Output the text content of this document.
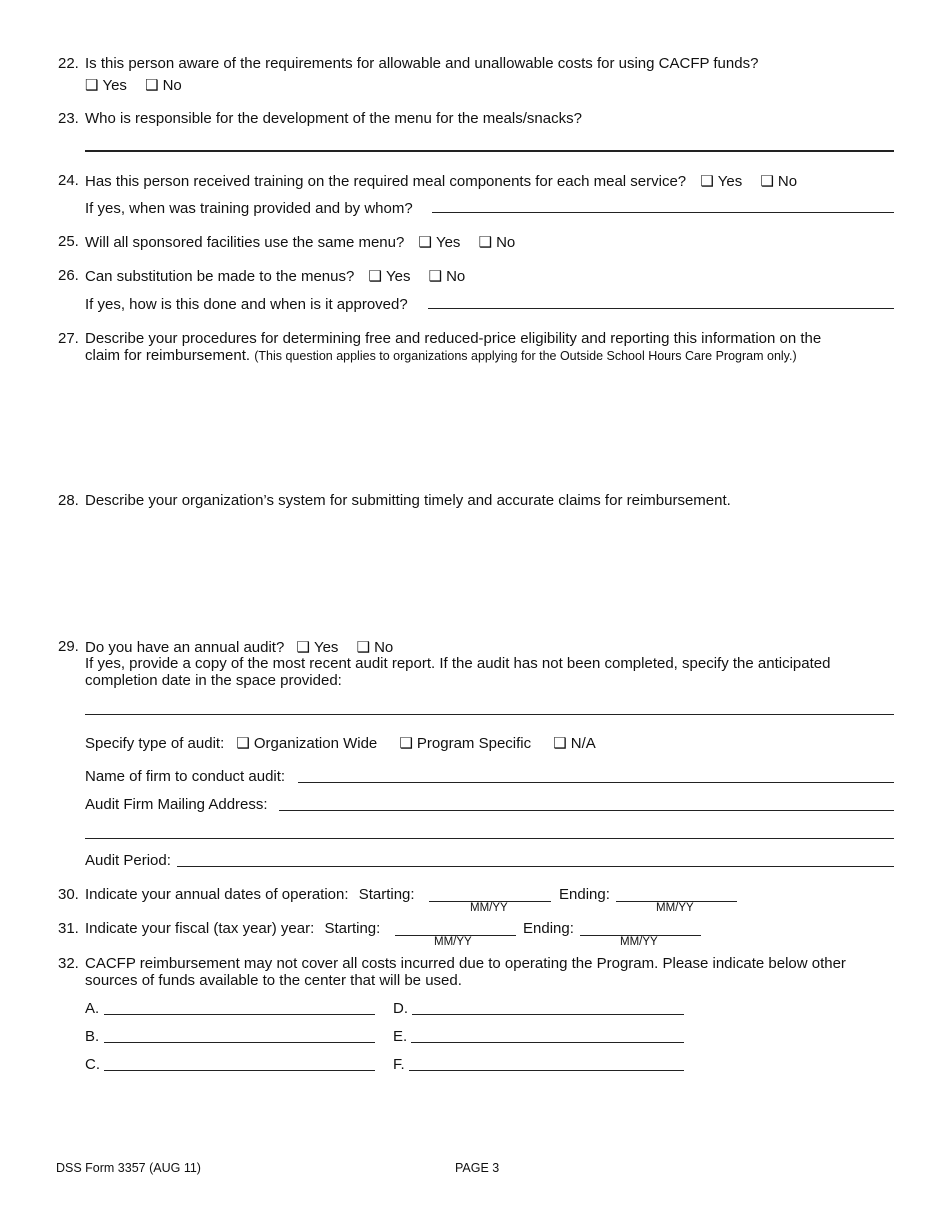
22. Is this person aware of the requirements for allowable and unallowable costs for using CACFP funds?
❑ Yes ❑ No
23. Who is responsible for the development of the menu for the meals/snacks?
24. Has this person received training on the required meal components for each meal service? ❑ Yes ❑ No
If yes, when was training provided and by whom?
25. Will all sponsored facilities use the same menu? ❑ Yes ❑ No
26. Can substitution be made to the menus? ❑ Yes ❑ No
If yes, how is this done and when is it approved?
27. Describe your procedures for determining free and reduced-price eligibility and reporting this information on the
claim for reimbursement. (This question applies to organizations applying for the Outside School Hours Care Program only.)
28. Describe your organization’s system for submitting timely and accurate claims for reimbursement.
29. Do you have an annual audit? ❑ Yes ❑ No
If yes, provide a copy of the most recent audit report. If the audit has not been completed, specify the anticipated
completion date in the space provided:
Specify type of audit: ❑ Organization Wide ❑ Program Specific ❑ N/A
Name of firm to conduct audit:
Audit Firm Mailing Address:
Audit Period:
30. Indicate your annual dates of operation: Starting:
MM/YY
Ending:
MM/YY
31. Indicate your fiscal (tax year) year: Starting:
MM/YY
Ending:
MM/YY
32. CACFP reimbursement may not cover all costs incurred due to operating the Program. Please indicate below other
sources of funds available to the center that will be used.
A.	D.
B.	E.
C.	F.
DSS Form 3357 (AUG 11)	PAGE 3
